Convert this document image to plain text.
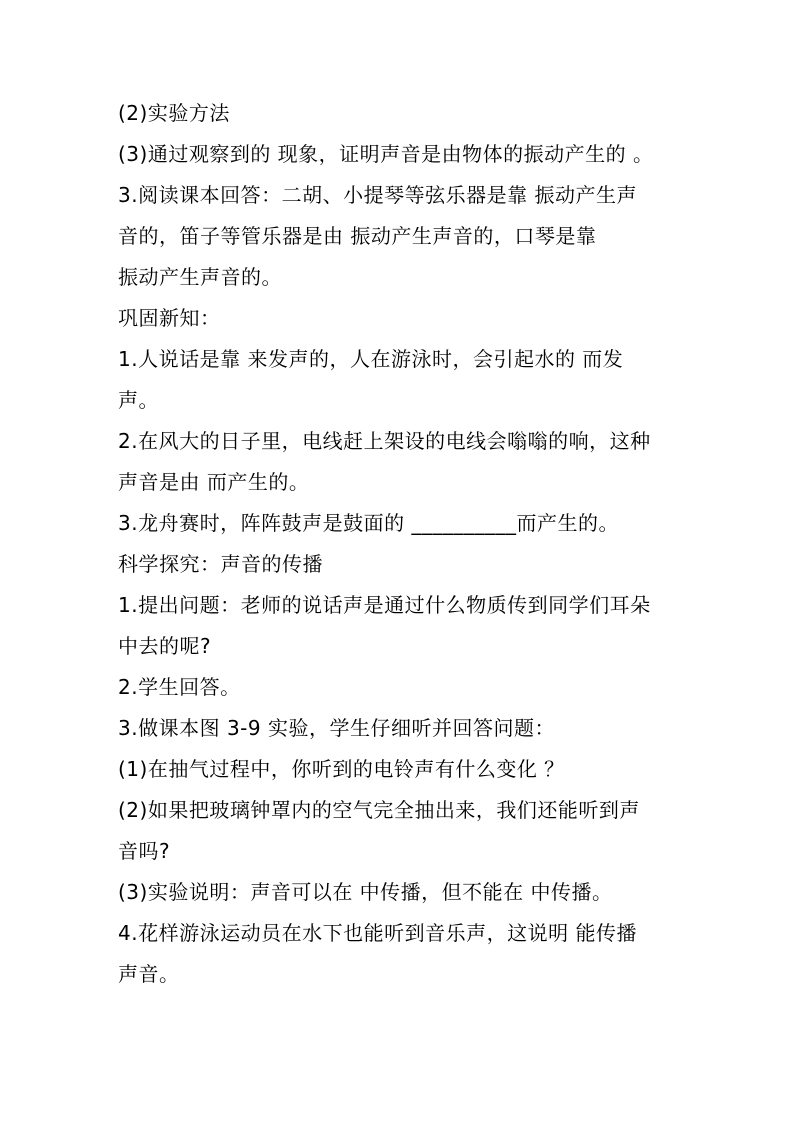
(2)实验方法
(3)通过观察到的 现象，证明声音是由物体的振动产生的 。
3.阅读课本回答：二胡、小提琴等弦乐器是靠 振动产生声
音的，笛子等管乐器是由 振动产生声音的，口琴是靠
振动产生声音的。
巩固新知：
1.人说话是靠 来发声的，人在游泳时，会引起水的 而发
声。
2.在风大的日子里，电线赶上架设的电线会嗡嗡的响，这种
声音是由 而产生的。
3.龙舟赛时，阵阵鼓声是鼓面的 __________而产生的。
科学探究：声音的传播
1.提出问题：老师的说话声是通过什么物质传到同学们耳朵
中去的呢?
2.学生回答。
3.做课本图 3-9 实验，学生仔细听并回答问题：
(1)在抽气过程中，你听到的电铃声有什么变化 ？
(2)如果把玻璃钟罩内的空气完全抽出来，我们还能听到声
音吗?
(3)实验说明：声音可以在 中传播，但不能在 中传播。
4.花样游泳运动员在水下也能听到音乐声，这说明 能传播
声音。
